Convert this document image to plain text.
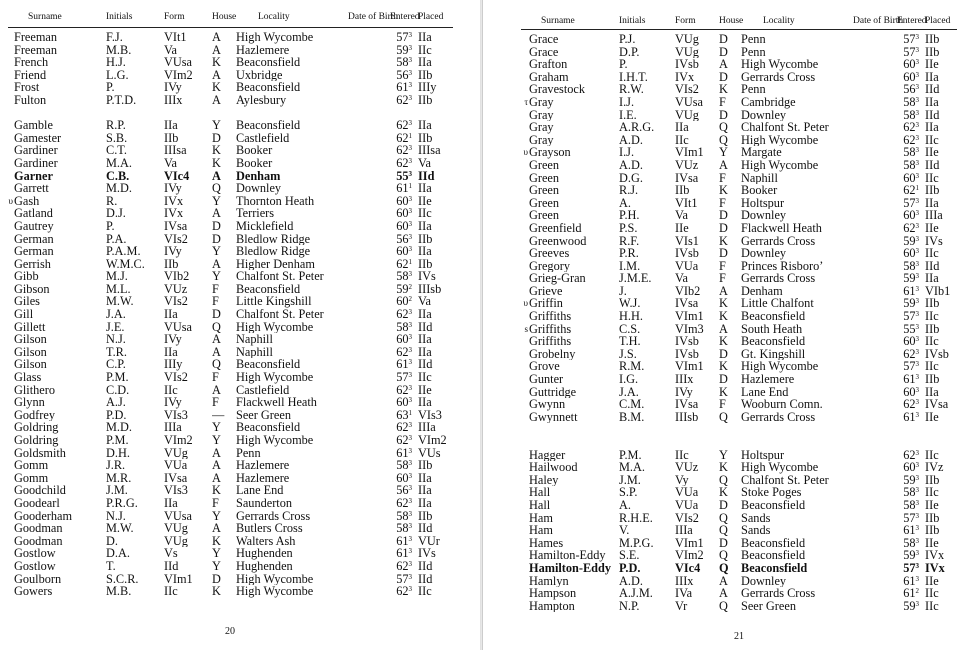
	Surname	Initials	Form	House	Locality	Date of Birth	Entered	Placed
	Freeman	F.J.	VIt1	A	High Wycombe		$57^3$	IIa
	Freeman	M.B.	Va	A	Hazlemere		$59^3$	IIc
	French	H.J.	VUsa	K	Beaconsfield		$58^3$	IIa
	Friend	L.G.	VIm2	A	Uxbridge		$56^3$	IIb
	Frost	P.	IVy	K	Beaconsfield		$61^3$	IIIy
	Fulton	P.T.D.	IIIx	A	Aylesbury		$62^3$	IIb

	Gamble	R.P.	IIa	Y	Beaconsfield		$62^3$	IIa
	Gamester	S.B.	IIb	D	Castlefield		$62^1$	IIb
	Gardiner	C.T.	IIIsa	K	Booker		$62^3$	IIIsa
	Gardiner	M.A.	Va	K	Booker		$62^3$	Va
	Garner	C.B.	VIc4	A	Denham		$55^3$	IId
	Garrett	M.D.	IVy	Q	Downley		$61^1$	IIa
υ	Gash	R.	IVx	Y	Thornton Heath		$60^3$	IIe
	Gatland	D.J.	IVx	A	Terriers		$60^3$	IIc
	Gautrey	P.	IVsa	D	Micklefield		$60^3$	IIa
	German	P.A.	VIs2	D	Bledlow Ridge		$56^3$	IIb
	German	P.A.M.	IVy	Y	Bledlow Ridge		$60^3$	IIa
	Gerrish	W.M.C.	IIb	A	Higher Denham		$62^1$	IIb
	Gibb	M.J.	VIb2	Y	Chalfont St. Peter		$58^3$	IVs
	Gibson	M.L.	VUz	F	Beaconsfield		$59^2$	IIIsb
	Giles	M.W.	VIs2	F	Little Kingshill		$60^2$	Va
	Gill	J.A.	IIa	D	Chalfont St. Peter		$62^3$	IIa
	Gillett	J.E.	VUsa	Q	High Wycombe		$58^3$	IId
	Gilson	N.J.	IVy	A	Naphill		$60^3$	IIa
	Gilson	T.R.	IIa	A	Naphill		$62^3$	IIa
	Gilson	C.P.	IIIy	Q	Beaconsfield		$61^3$	IId
	Glass	P.M.	VIs2	F	High Wycombe		$57^3$	IIc
	Glithero	C.D.	IIc	A	Castlefield		$62^3$	IIe
	Glynn	A.J.	IVy	F	Flackwell Heath		$60^3$	IIa
	Godfrey	P.D.	VIs3	—	Seer Green		$63^1$	VIs3
	Goldring	M.D.	IIIa	Y	Beaconsfield		$62^3$	IIIa
	Goldring	P.M.	VIm2	Y	High Wycombe		$62^3$	VIm2
	Goldsmith	D.H.	VUg	A	Penn		$61^3$	VUs
	Gomm	J.R.	VUa	A	Hazlemere		$58^3$	IIb
	Gomm	M.R.	IVsa	A	Hazlemere		$60^3$	IIa
	Goodchild	J.M.	VIs3	K	Lane End		$56^3$	IIa
	Goodearl	P.R.G.	IIa	F	Saunderton		$62^3$	IIa
	Gooderham	N.J.	VUsa	Y	Gerrards Cross		$58^3$	IIb
	Goodman	M.W.	VUg	A	Butlers Cross		$58^3$	IId
	Goodman	D.	VUg	K	Walters Ash		$61^3$	VUr
	Gostlow	D.A.	Vs	Y	Hughenden		$61^3$	IVs
	Gostlow	T.	IId	Y	Hughenden		$62^3$	IId
	Goulborn	S.C.R.	VIm1	D	High Wycombe		$57^3$	IId
	Gowers	M.B.	IIc	K	High Wycombe		$62^3$	IIc
20
	Surname	Initials	Form	House	Locality	Date of Birth	Entered	Placed
	Grace	P.J.	VUg	D	Penn		$57^3$	IIb
	Grace	D.P.	VUg	D	Penn		$57^3$	IIb
	Grafton	P.	IVsb	A	High Wycombe		$60^3$	IIe
	Graham	I.H.T.	IVx	D	Gerrards Cross		$60^3$	IIa
	Gravestock	R.W.	VIs2	K	Penn		$56^3$	IId
τ	Gray	I.J.	VUsa	F	Cambridge		$58^3$	IIa
	Gray	I.E.	VUg	D	Downley		$58^3$	IId
	Gray	A.R.G.	IIa	Q	Chalfont St. Peter		$62^3$	IIa
	Gray	A.D.	IIc	Q	High Wycombe		$62^3$	IIc
υ	Grayson	I.J.	VIm1	Y	Margate		$58^3$	IIe
	Green	A.D.	VUz	A	High Wycombe		$58^3$	IId
	Green	D.G.	IVsa	F	Naphill		$60^3$	IIc
	Green	R.J.	IIb	K	Booker		$62^1$	IIb
	Green	A.	VIt1	F	Holtspur		$57^3$	IIa
	Green	P.H.	Va	D	Downley		$60^3$	IIIa
	Greenfield	P.S.	IIe	D	Flackwell Heath		$62^3$	IIe
	Greenwood	R.F.	VIs1	K	Gerrards Cross		$59^3$	IVs
	Greeves	P.R.	IVsb	D	Downley		$60^3$	IIc
	Gregory	I.M.	VUa	F	Princes Risboro’		$58^3$	IId
	Grieg-Gran	J.M.E.	Va	F	Gerrards Cross		$59^3$	IIa
	Grieve	J.	VIb2	A	Denham		$61^3$	VIb1
υ	Griffin	W.J.	IVsa	K	Little Chalfont		$59^3$	IIb
	Griffiths	H.H.	VIm1	K	Beaconsfield		$57^3$	IIc
s	Griffiths	C.S.	VIm3	A	South Heath		$55^3$	IIb
	Griffiths	T.H.	IVsb	K	Beaconsfield		$60^3$	IIc
	Grobelny	J.S.	IVsb	D	Gt. Kingshill		$62^3$	IVsb
	Grove	R.M.	VIm1	K	High Wycombe		$57^3$	IIc
	Gunter	I.G.	IIIx	D	Hazlemere		$61^3$	IIb
	Guttridge	J.A.	IVy	K	Lane End		$60^3$	IIa
	Gwynn	C.M.	IVsa	F	Wooburn Comn.		$62^3$	IVsa
	Gwynnett	B.M.	IIIsb	Q	Gerrards Cross		$61^3$	IIe

	Hagger	P.M.	IIc	Y	Holtspur		$62^3$	IIc
	Hailwood	M.A.	VUz	K	High Wycombe		$60^3$	IVz
	Haley	J.M.	Vy	Q	Chalfont St. Peter		$59^3$	IIb
	Hall	S.P.	VUa	K	Stoke Poges		$58^3$	IIc
	Hall	A.	VUa	D	Beaconsfield		$58^3$	IIe
	Ham	R.H.E.	VIs2	Q	Sands		$57^3$	IIb
	Ham	V.	IIIa	Q	Sands		$61^3$	IIb
	Hames	M.P.G.	VIm1	D	Beaconsfield		$58^3$	IIe
	Hamilton-Eddy	S.E.	VIm2	Q	Beaconsfield		$59^3$	IVx
	Hamilton-Eddy	P.D.	VIc4	Q	Beaconsfield		$57^3$	IVx
	Hamlyn	A.D.	IIIx	A	Downley		$61^3$	IIe
	Hampson	A.J.M.	IVa	A	Gerrards Cross		$61^2$	IIc
	Hampton	N.P.	Vr	Q	Seer Green		$59^3$	IIc
21
